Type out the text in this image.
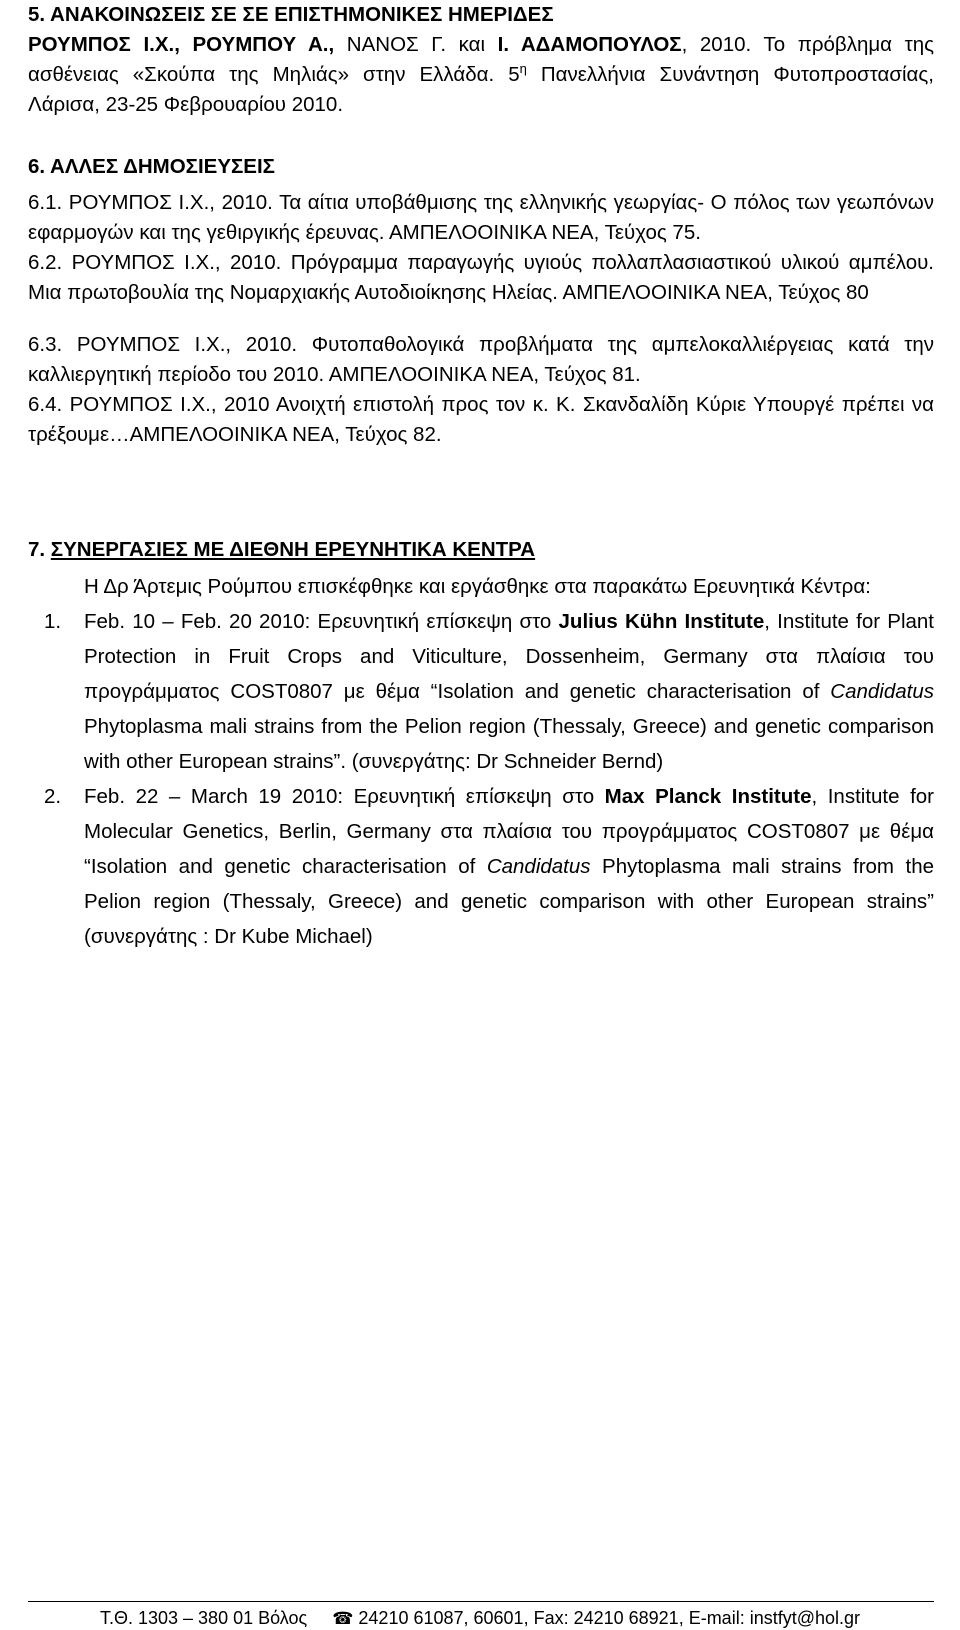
5. ΑΝΑΚΟΙΝΩΣΕΙΣ ΣΕ ΣΕ ΕΠΙΣΤΗΜΟΝΙΚΕΣ ΗΜΕΡΙΔΕΣ

ΡΟΥΜΠΟΣ Ι.Χ., ΡΟΥΜΠΟΥ Α., ΝΑΝΟΣ Γ. και Ι. ΑΔΑΜΟΠΟΥΛΟΣ, 2010. Το πρόβλημα της ασθένειας «Σκούπα της Μηλιάς» στην Ελλάδα. $5^\eta$ Πανελλήνια Συνάντηση Φυτοπροστασίας, Λάρισα, 23-25 Φεβρουαρίου 2010.

6. ΑΛΛΕΣ ΔΗΜΟΣΙΕΥΣΕΙΣ

6.1. ΡΟΥΜΠΟΣ Ι.Χ., 2010. Τα αίτια υποβάθμισης της ελληνικής γεωργίας- Ο πόλος των γεωπόνων εφαρμογών και της γεθιργικής έρευνας. ΑΜΠΕΛΟΟΙΝΙΚΑ ΝΕΑ, Τεύχος 75.

6.2. ΡΟΥΜΠΟΣ Ι.Χ., 2010. Πρόγραμμα παραγωγής υγιούς πολλαπλασιαστικού υλικού αμπέλου. Μια πρωτοβουλία της Νομαρχιακής Αυτοδιοίκησης Ηλείας. ΑΜΠΕΛΟΟΙΝΙΚΑ ΝΕΑ, Τεύχος 80

6.3. ΡΟΥΜΠΟΣ Ι.Χ., 2010. Φυτοπαθολογικά προβλήματα της αμπελοκαλλιέργειας κατά την καλλιεργητική περίοδο του 2010. ΑΜΠΕΛΟΟΙΝΙΚΑ ΝΕΑ, Τεύχος 81.

6.4. ΡΟΥΜΠΟΣ Ι.Χ., 2010 Ανοιχτή επιστολή προς τον κ. Κ. Σκανδαλίδη Κύριε Υπουργέ πρέπει να τρέξουμε…ΑΜΠΕΛΟΟΙΝΙΚΑ ΝΕΑ, Τεύχος 82.

7. ΣΥΝΕΡΓΑΣΙΕΣ ΜΕ ΔΙΕΘΝΗ ΕΡΕΥΝΗΤΙΚΑ ΚΕΝΤΡΑ

Η Δρ Άρτεμις Ρούμπου επισκέφθηκε και εργάσθηκε στα παρακάτω Ερευνητικά Κέντρα:

1. Feb. 10 – Feb. 20 2010: Ερευνητική επίσκεψη στο Julius Kühn Institute, Institute for Plant Protection in Fruit Crops and Viticulture, Dossenheim, Germany στα πλαίσια του προγράμματος COST0807 με θέμα “Isolation and genetic characterisation of Candidatus Phytoplasma mali strains from the Pelion region (Thessaly, Greece) and genetic comparison with other European strains”. (συνεργάτης: Dr Schneider Bernd)

2. Feb. 22 – March 19 2010: Ερευνητική επίσκεψη στο Max Planck Institute, Institute for Molecular Genetics, Berlin, Germany στα πλαίσια του προγράμματος COST0807 με θέμα “Isolation and genetic characterisation of Candidatus Phytoplasma mali strains from the Pelion region (Thessaly, Greece) and genetic comparison with other European strains” (συνεργάτης : Dr Kube Michael)

Τ.Θ. 1303 – 380 01 Βόλος ☎ 24210 61087, 60601, Fax: 24210 68921, E-mail: instfyt@hol.gr
